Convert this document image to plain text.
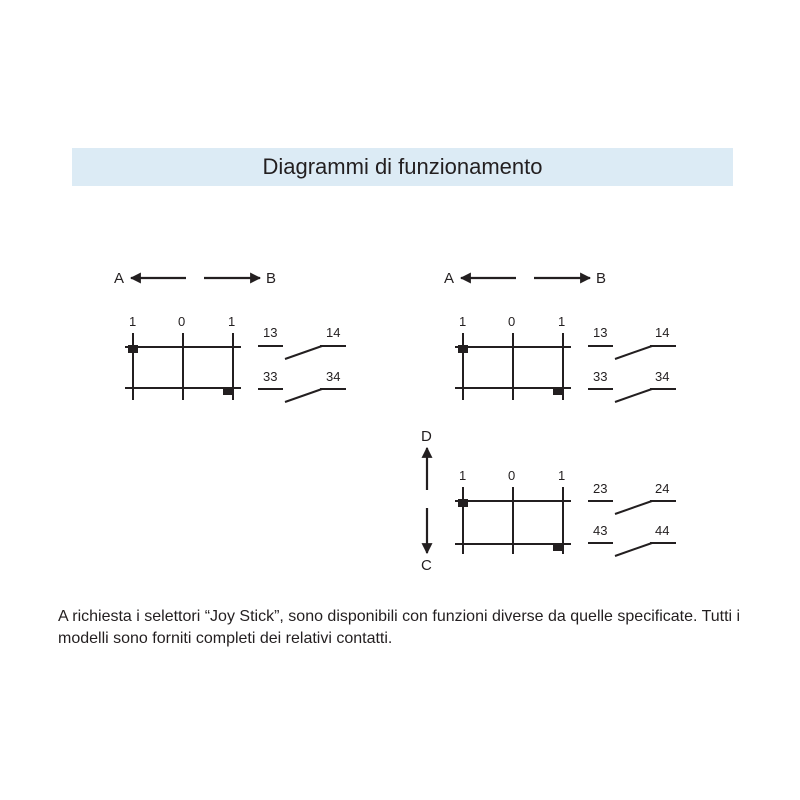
Diagrammi di funzionamento
A	B
1	0	1
13	14
33	34
A	B
1	0	1
13	14
33	34
D
C
1	0	1
23	24
43	44
A richiesta i selettori “Joy Stick”, sono disponibili con funzioni diverse da quelle specificate. Tutti i modelli sono forniti completi dei relativi contatti.
